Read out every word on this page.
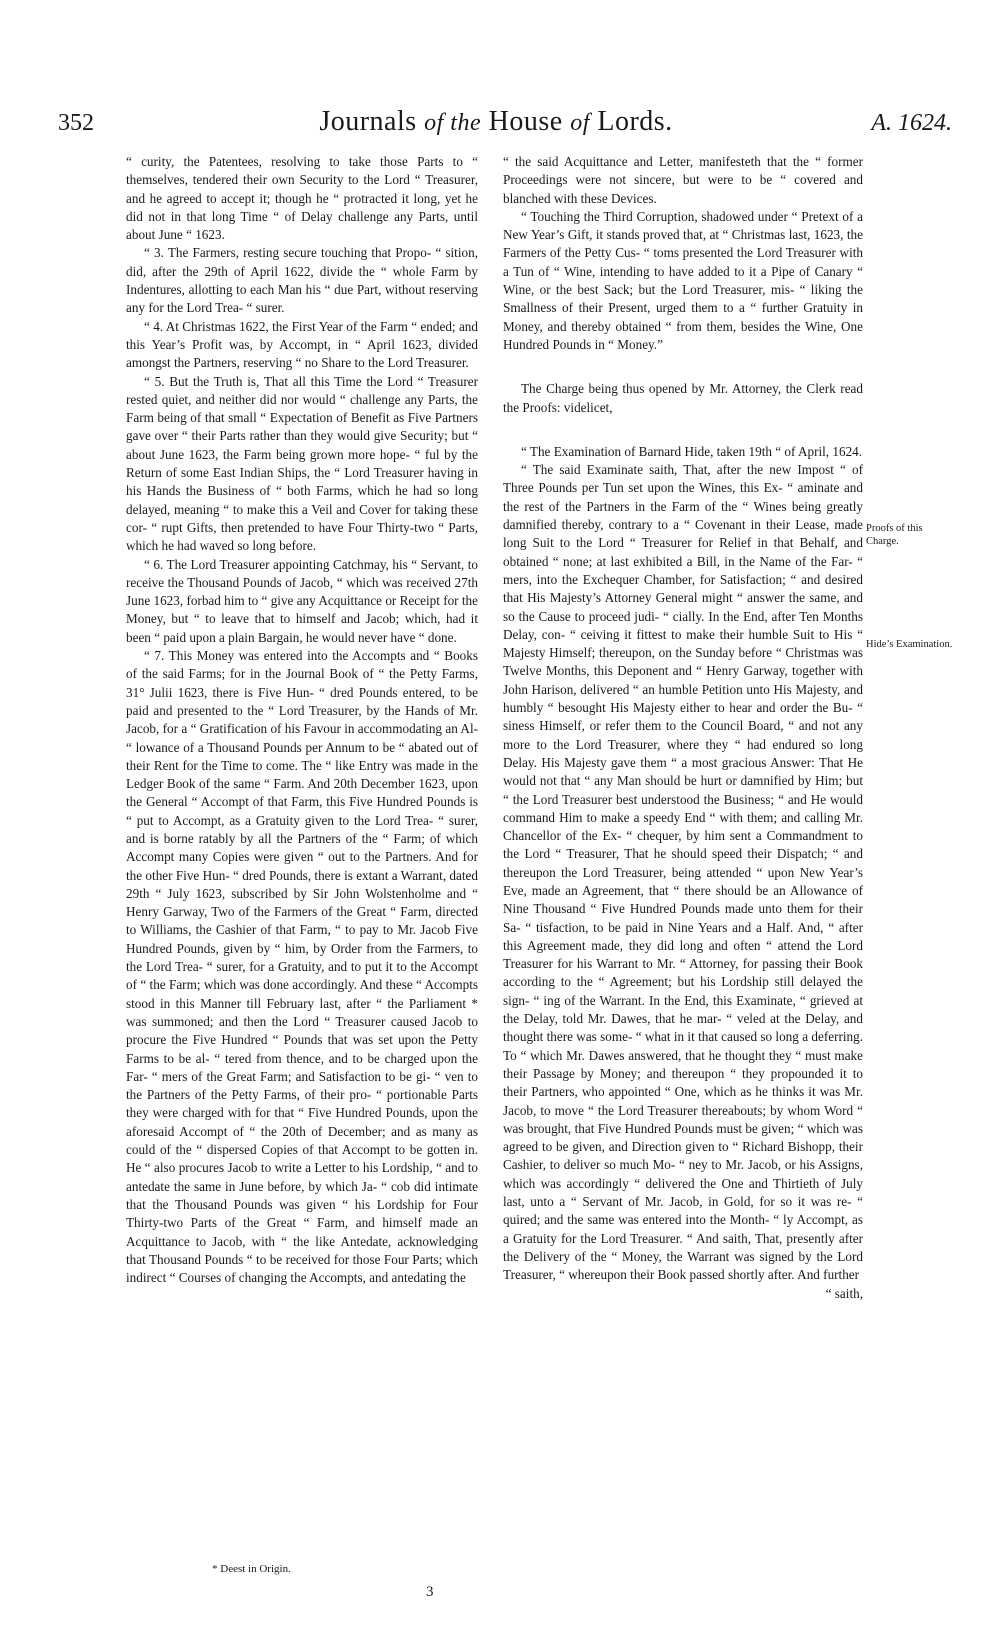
352	Journals of the House of Lords.	A. 1624.

“ curity, the Patentees, resolving to take those Parts to “ themselves, tendered their own Security to the Lord “ Treasurer, and he agreed to accept it; though he “ protracted it long, yet he did not in that long Time “ of Delay challenge any Parts, until about June “ 1623.

“ 3. The Farmers, resting secure touching that Propo- “ sition, did, after the 29th of April 1622, divide the “ whole Farm by Indentures, allotting to each Man his “ due Part, without reserving any for the Lord Trea- “ surer.

“ 4. At Christmas 1622, the First Year of the Farm “ ended; and this Year’s Profit was, by Accompt, in “ April 1623, divided amongst the Partners, reserving “ no Share to the Lord Treasurer.

“ 5. But the Truth is, That all this Time the Lord “ Treasurer rested quiet, and neither did nor would “ challenge any Parts, the Farm being of that small “ Expectation of Benefit as Five Partners gave over “ their Parts rather than they would give Security; but “ about June 1623, the Farm being grown more hope- “ ful by the Return of some East Indian Ships, the “ Lord Treasurer having in his Hands the Business of “ both Farms, which he had so long delayed, meaning “ to make this a Veil and Cover for taking these cor- “ rupt Gifts, then pretended to have Four Thirty-two “ Parts, which he had waved so long before.

“ 6. The Lord Treasurer appointing Catchmay, his “ Servant, to receive the Thousand Pounds of Jacob, “ which was received 27th June 1623, forbad him to “ give any Acquittance or Receipt for the Money, but “ to leave that to himself and Jacob; which, had it been “ paid upon a plain Bargain, he would never have “ done.

“ 7. This Money was entered into the Accompts and “ Books of the said Farms; for in the Journal Book of “ the Petty Farms, 31° Julii 1623, there is Five Hun- “ dred Pounds entered, to be paid and presented to the “ Lord Treasurer, by the Hands of Mr. Jacob, for a “ Gratification of his Favour in accommodating an Al- “ lowance of a Thousand Pounds per Annum to be “ abated out of their Rent for the Time to come. The “ like Entry was made in the Ledger Book of the same “ Farm. And 20th December 1623, upon the General “ Accompt of that Farm, this Five Hundred Pounds is “ put to Accompt, as a Gratuity given to the Lord Trea- “ surer, and is borne ratably by all the Partners of the “ Farm; of which Accompt many Copies were given “ out to the Partners. And for the other Five Hun- “ dred Pounds, there is extant a Warrant, dated 29th “ July 1623, subscribed by Sir John Wolstenholme and “ Henry Garway, Two of the Farmers of the Great “ Farm, directed to Williams, the Cashier of that Farm, “ to pay to Mr. Jacob Five Hundred Pounds, given by “ him, by Order from the Farmers, to the Lord Trea- “ surer, for a Gratuity, and to put it to the Accompt of “ the Farm; which was done accordingly. And these “ Accompts stood in this Manner till February last, after “ the Parliament * was summoned; and then the Lord “ Treasurer caused Jacob to procure the Five Hundred “ Pounds that was set upon the Petty Farms to be al- “ tered from thence, and to be charged upon the Far- “ mers of the Great Farm; and Satisfaction to be gi- “ ven to the Partners of the Petty Farms, of their pro- “ portionable Parts they were charged with for that “ Five Hundred Pounds, upon the aforesaid Accompt of “ the 20th of December; and as many as could of the “ dispersed Copies of that Accompt to be gotten in. He “ also procures Jacob to write a Letter to his Lordship, “ and to antedate the same in June before, by which Ja- “ cob did intimate that the Thousand Pounds was given “ his Lordship for Four Thirty-two Parts of the Great “ Farm, and himself made an Acquittance to Jacob, with “ the like Antedate, acknowledging that Thousand Pounds “ to be received for those Four Parts; which indirect “ Courses of changing the Accompts, and antedating the

“ the said Acquittance and Letter, manifesteth that the “ former Proceedings were not sincere, but were to be “ covered and blanched with these Devices.

“ Touching the Third Corruption, shadowed under “ Pretext of a New Year’s Gift, it stands proved that, at “ Christmas last, 1623, the Farmers of the Petty Cus- “ toms presented the Lord Treasurer with a Tun of “ Wine, intending to have added to it a Pipe of Canary “ Wine, or the best Sack; but the Lord Treasurer, mis- “ liking the Smallness of their Present, urged them to a “ further Gratuity in Money, and thereby obtained “ from them, besides the Wine, One Hundred Pounds in “ Money.”

The Charge being thus opened by Mr. Attorney, the Clerk read the Proofs: videlicet,

“ The Examination of Barnard Hide, taken 19th “ of April, 1624.

“ The said Examinate saith, That, after the new Impost “ of Three Pounds per Tun set upon the Wines, this Ex- “ aminate and the rest of the Partners in the Farm of the “ Wines being greatly damnified thereby, contrary to a “ Covenant in their Lease, made long Suit to the Lord “ Treasurer for Relief in that Behalf, and obtained “ none; at last exhibited a Bill, in the Name of the Far- “ mers, into the Exchequer Chamber, for Satisfaction; “ and desired that His Majesty’s Attorney General might “ answer the same, and so the Cause to proceed judi- “ cially. In the End, after Ten Months Delay, con- “ ceiving it fittest to make their humble Suit to His “ Majesty Himself; thereupon, on the Sunday before “ Christmas was Twelve Months, this Deponent and “ Henry Garway, together with John Harison, delivered “ an humble Petition unto His Majesty, and humbly “ besought His Majesty either to hear and order the Bu- “ siness Himself, or refer them to the Council Board, “ and not any more to the Lord Treasurer, where they “ had endured so long Delay. His Majesty gave them “ a most gracious Answer: That He would not that “ any Man should be hurt or damnified by Him; but “ the Lord Treasurer best understood the Business; “ and He would command Him to make a speedy End “ with them; and calling Mr. Chancellor of the Ex- “ chequer, by him sent a Commandment to the Lord “ Treasurer, That he should speed their Dispatch; “ and thereupon the Lord Treasurer, being attended “ upon New Year’s Eve, made an Agreement, that “ there should be an Allowance of Nine Thousand “ Five Hundred Pounds made unto them for their Sa- “ tisfaction, to be paid in Nine Years and a Half. And, “ after this Agreement made, they did long and often “ attend the Lord Treasurer for his Warrant to Mr. “ Attorney, for passing their Book according to the “ Agreement; but his Lordship still delayed the sign- “ ing of the Warrant. In the End, this Examinate, “ grieved at the Delay, told Mr. Dawes, that he mar- “ veled at the Delay, and thought there was some- “ what in it that caused so long a deferring. To “ which Mr. Dawes answered, that he thought they “ must make their Passage by Money; and thereupon “ they propounded it to their Partners, who appointed “ One, which as he thinks it was Mr. Jacob, to move “ the Lord Treasurer thereabouts; by whom Word “ was brought, that Five Hundred Pounds must be given; “ which was agreed to be given, and Direction given to “ Richard Bishopp, their Cashier, to deliver so much Mo- “ ney to Mr. Jacob, or his Assigns, which was accordingly “ delivered the One and Thirtieth of July last, unto a “ Servant of Mr. Jacob, in Gold, for so it was re- “ quired; and the same was entered into the Month- “ ly Accompt, as a Gratuity for the Lord Treasurer. “ And saith, That, presently after the Delivery of the “ Money, the Warrant was signed by the Lord Treasurer, “ whereupon their Book passed shortly after. And further

“ saith,

Proofs of this Charge.
Hide’s Examination.
* Deest in Origin.
3
